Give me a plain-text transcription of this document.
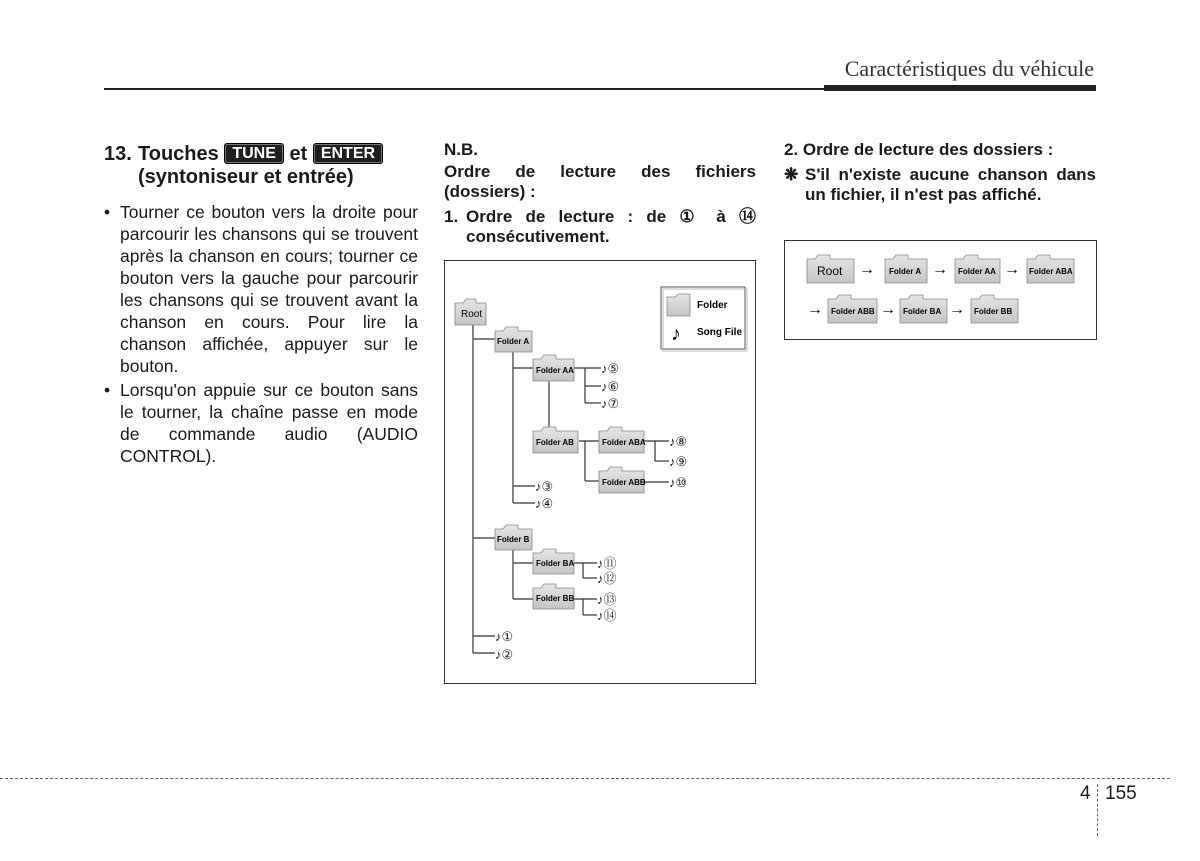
Caractéristiques du véhicule
13. Touches TUNE et ENTER
(syntoniseur et entrée)
• Tourner ce bouton vers la droite pour parcourir les chansons qui se trouvent après la chanson en cours; tourner ce bouton vers la gauche pour parcourir les chansons qui se trouvent avant la chanson en cours. Pour lire la chanson affichée, appuyer sur le bouton.
• Lorsqu'on appuie sur ce bouton sans le tourner, la chaîne passe en mode de commande audio (AUDIO CONTROL).
N.B.
Ordre de lecture des fichiers (dossiers) :
1. Ordre de lecture : de ① à ⑭ consécutivement.
Folder
♪ Song File
Root
Folder A
Folder AA
Folder AB	Folder ABA
Folder ABB
Folder B
Folder BA
Folder BB
♪①
♪②
♪③
♪④
♪⑤
♪⑥
♪⑦
♪⑧
♪⑨
♪⑩
♪⑪
♪⑫
♪⑬
♪⑭
2. Ordre de lecture des dossiers :
❋ S'il n'existe aucune chanson dans un fichier, il n'est pas affiché.
Root → Folder A → Folder AA → Folder ABA
→ Folder ABB → Folder BA → Folder BB
4 155
